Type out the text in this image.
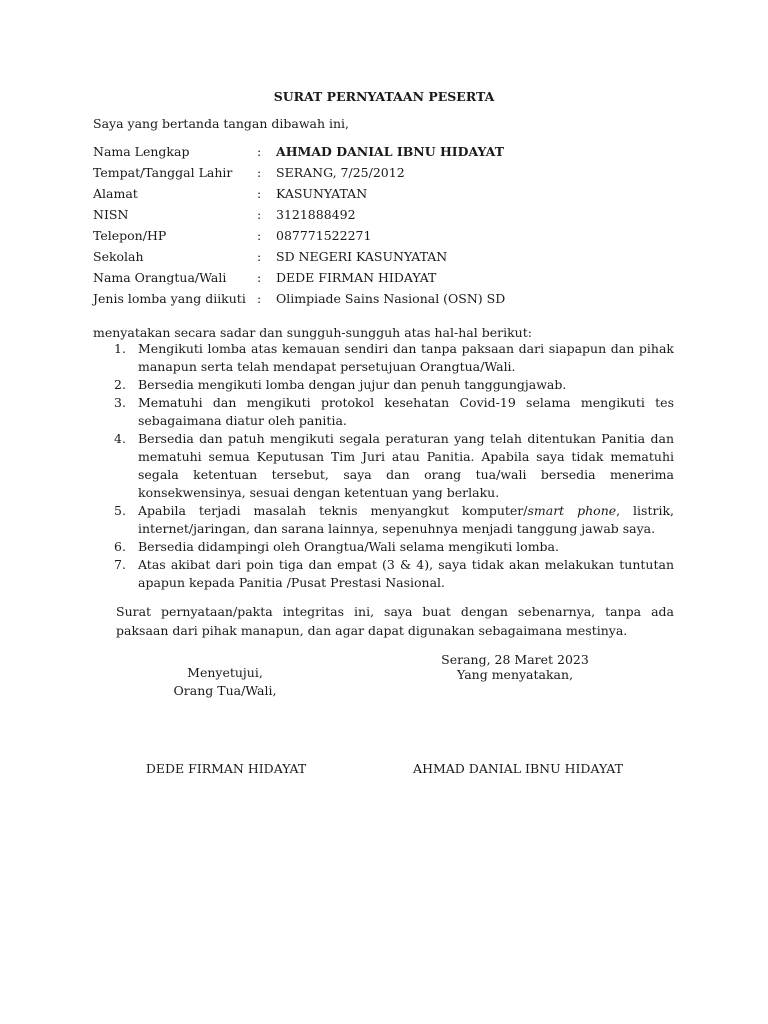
SURAT PERNYATAAN PESERTA
Saya yang bertanda tangan dibawah ini,
Nama Lengkap	: AHMAD DANIAL IBNU HIDAYAT
Tempat/Tanggal Lahir : SERANG, 7/25/2012
Alamat	: KASUNYATAN
NISN	: 3121888492
Telepon/HP	: 087771522271
Sekolah	: SD NEGERI KASUNYATAN
Nama Orangtua/Wali : DEDE FIRMAN HIDAYAT
Jenis lomba yang diikuti : Olimpiade Sains Nasional (OSN) SD
menyatakan secara sadar dan sungguh-sungguh atas hal-hal berikut:
1. Mengikuti lomba atas kemauan sendiri dan tanpa paksaan dari siapapun dan pihak manapun serta telah mendapat persetujuan Orangtua/Wali.
2. Bersedia mengikuti lomba dengan jujur dan penuh tanggungjawab.
3. Mematuhi dan mengikuti protokol kesehatan Covid-19 selama mengikuti tes sebagaimana diatur oleh panitia.
4. Bersedia dan patuh mengikuti segala peraturan yang telah ditentukan Panitia dan mematuhi semua Keputusan Tim Juri atau Panitia. Apabila saya tidak mematuhi segala ketentuan tersebut, saya dan orang tua/wali bersedia menerima konsekwensinya, sesuai dengan ketentuan yang berlaku.
5. Apabila terjadi masalah teknis menyangkut komputer/smart phone, listrik, internet/jaringan, dan sarana lainnya, sepenuhnya menjadi tanggung jawab saya.
6. Bersedia didampingi oleh Orangtua/Wali selama mengikuti lomba.
7. Atas akibat dari poin tiga dan empat (3 & 4), saya tidak akan melakukan tuntutan apapun kepada Panitia /Pusat Prestasi Nasional.
Surat pernyataan/pakta integritas ini, saya buat dengan sebenarnya, tanpa ada paksaan dari pihak manapun, dan agar dapat digunakan sebagaimana mestinya.
Serang, 28 Maret 2023
Yang menyatakan,
Menyetujui,
Orang Tua/Wali,
DEDE FIRMAN HIDAYAT	AHMAD DANIAL IBNU HIDAYAT
